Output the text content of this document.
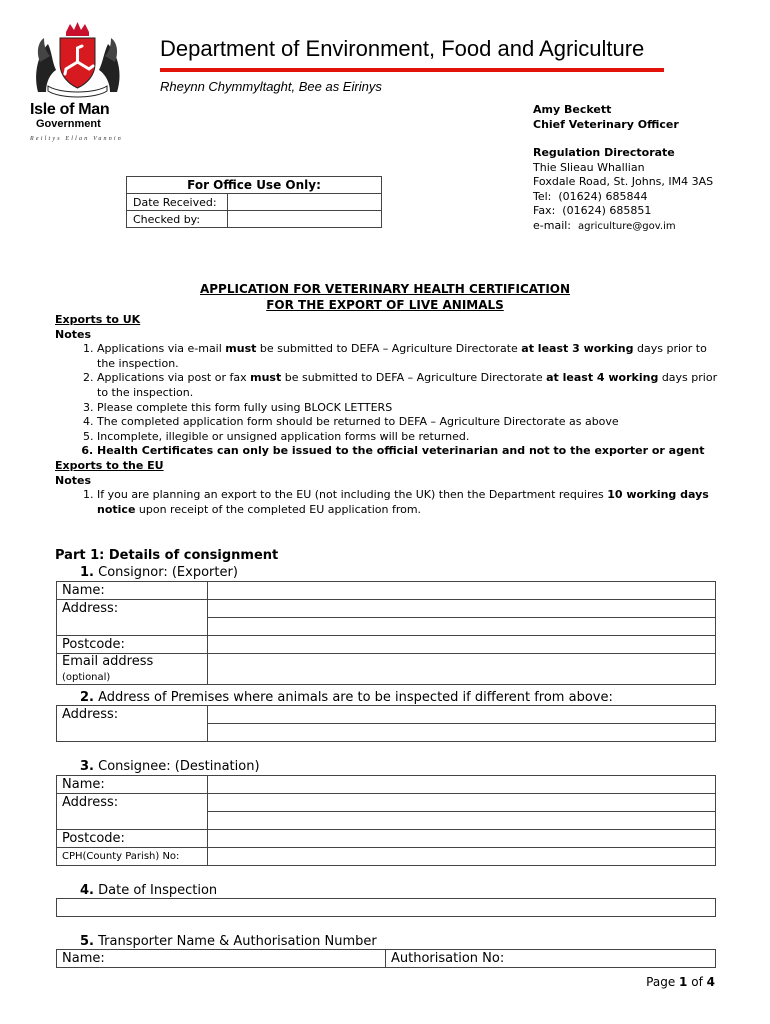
Isle of Man
Government
Reiltys Ellan Vannin
Department of Environment, Food and Agriculture
Rheynn Chymmyltaght, Bee as Eirinys
Amy Beckett
Chief Veterinary Officer
Regulation Directorate
Thie Slieau Whallian
Foxdale Road, St. Johns, IM4 3AS
Tel: (01624) 685844
Fax: (01624) 685851
e-mail: agriculture@gov.im
For Office Use Only:	
Date Received:	
Checked by:	
APPLICATION FOR VETERINARY HEALTH CERTIFICATION
FOR THE EXPORT OF LIVE ANIMALS
Exports to UK
Notes
1. Applications via e-mail must be submitted to DEFA – Agriculture Directorate at least 3 working days prior to the inspection.
2. Applications via post or fax must be submitted to DEFA – Agriculture Directorate at least 4 working days prior to the inspection.
3. Please complete this form fully using BLOCK LETTERS
4. The completed application form should be returned to DEFA – Agriculture Directorate as above
5. Incomplete, illegible or unsigned application forms will be returned.
6. Health Certificates can only be issued to the official veterinarian and not to the exporter or agent
Exports to the EU
Notes
1. If you are planning an export to the EU (not including the UK) then the Department requires 10 working days notice upon receipt of the completed EU application from.
Part 1: Details of consignment
1. Consignor: (Exporter)
Name:	
Address:	

Postcode:	
Email address (optional)	
2. Address of Premises where animals are to be inspected if different from above:
Address:	

3. Consignee: (Destination)
Name:	
Address:	

Postcode:	
CPH(County Parish) No:	
4. Date of Inspection
5. Transporter Name & Authorisation Number
Name:	Authorisation No:
Page 1 of 4
